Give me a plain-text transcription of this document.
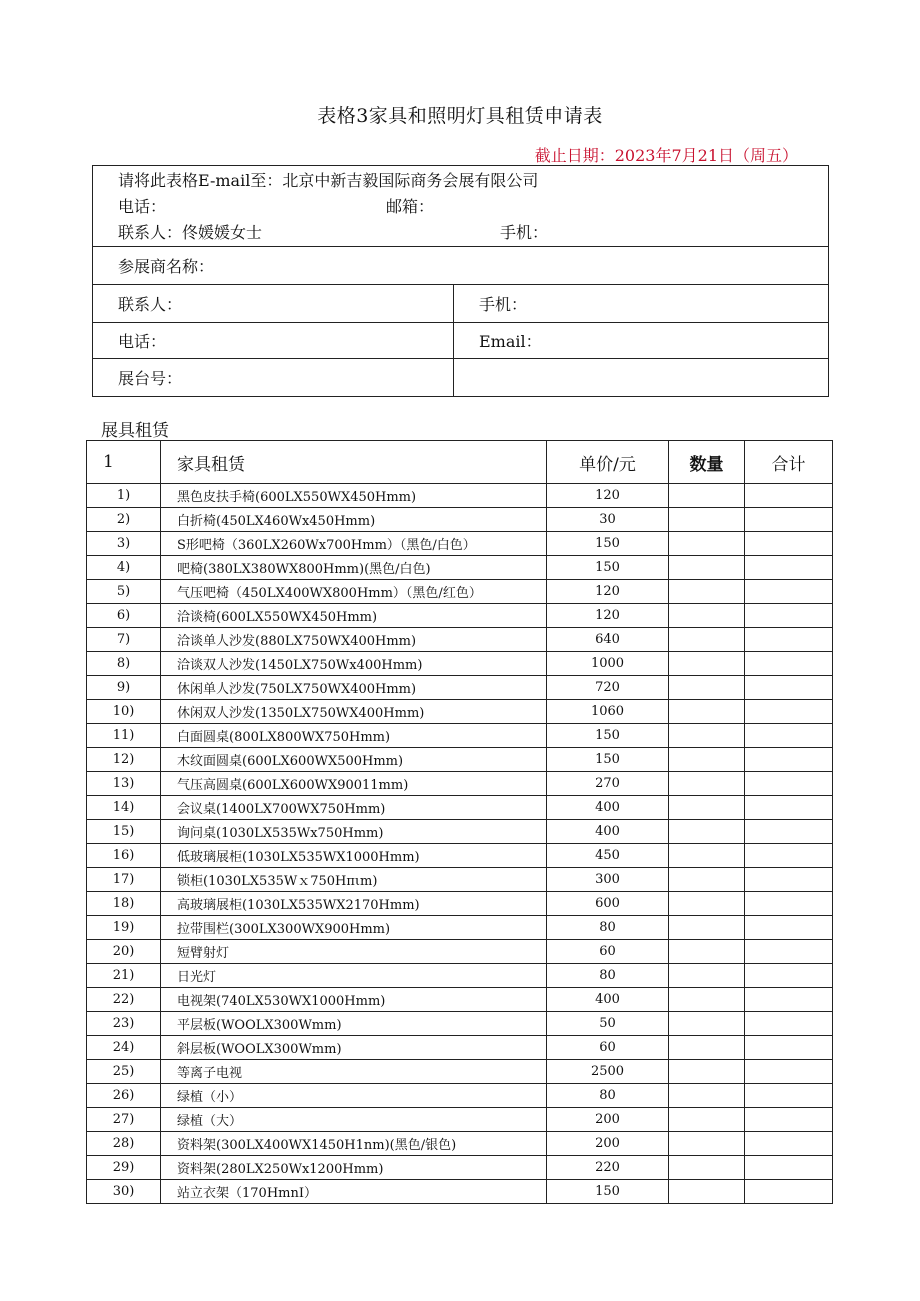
表格3家具和照明灯具租赁申请表
截止日期：2023年7月21日（周五）
请将此表格E-mail至：北京中新吉毅国际商务会展有限公司
电话： 邮箱：
联系人：佟媛媛女士 手机：	

参展商名称：	
联系人：	手机：
电话：	Email：
展台号：	
展具租赁
1	家具租赁	单价/元	数量	合计
1)	黑色皮扶手椅(600LX550WX450Hmm)	120		
2)	白折椅(450LX460Wx450Hmm)	30		
3)	S形吧椅（360LX260Wx700Hmm）（黑色/白色）	150		
4)	吧椅(380LX380WX800Hmm)(黑色/白色)	150		
5)	气压吧椅（450LX400WX800Hmm）（黑色/红色）	120		
6)	洽谈椅(600LX550WX450Hmm)	120		
7)	洽谈单人沙发(880LX750WX400Hmm)	640		
8)	洽谈双人沙发(1450LX750Wx400Hmm)	1000		
9)	休闲单人沙发(750LX750WX400Hmm)	720		
10)	休闲双人沙发(1350LX750WX400Hmm)	1060		
11)	白面圆桌(800LX800WX750Hmm)	150		
12)	木纹面圆桌(600LX600WX500Hmm)	150		
13)	气压高圆桌(600LX600WX90011mm)	270		
14)	会议桌(1400LX700WX750Hmm)	400		
15)	询问桌(1030LX535Wx750Hmm)	400		
16)	低玻璃展柜(1030LX535WX1000Hmm)	450		
17)	锁柜(1030LX535Wｘ750Hπιm)	300		
18)	高玻璃展柜(1030LX535WX2170Hmm)	600		
19)	拉带围栏(300LX300WX900Hmm)	80		
20)	短臂射灯	60		
21)	日光灯	80		
22)	电视架(740LX530WX1000Hmm)	400		
23)	平层板(WOOLX300Wmm)	50		
24)	斜层板(WOOLX300Wmm)	60		
25)	等离子电视	2500		
26)	绿植（小）	80		
27)	绿植（大）	200		
28)	资料架(300LX400WX1450H1nm)(黑色/银色)	200		
29)	资料架(280LX250Wx1200Hmm)	220		
30)	站立衣架（170HmnI）	150		
